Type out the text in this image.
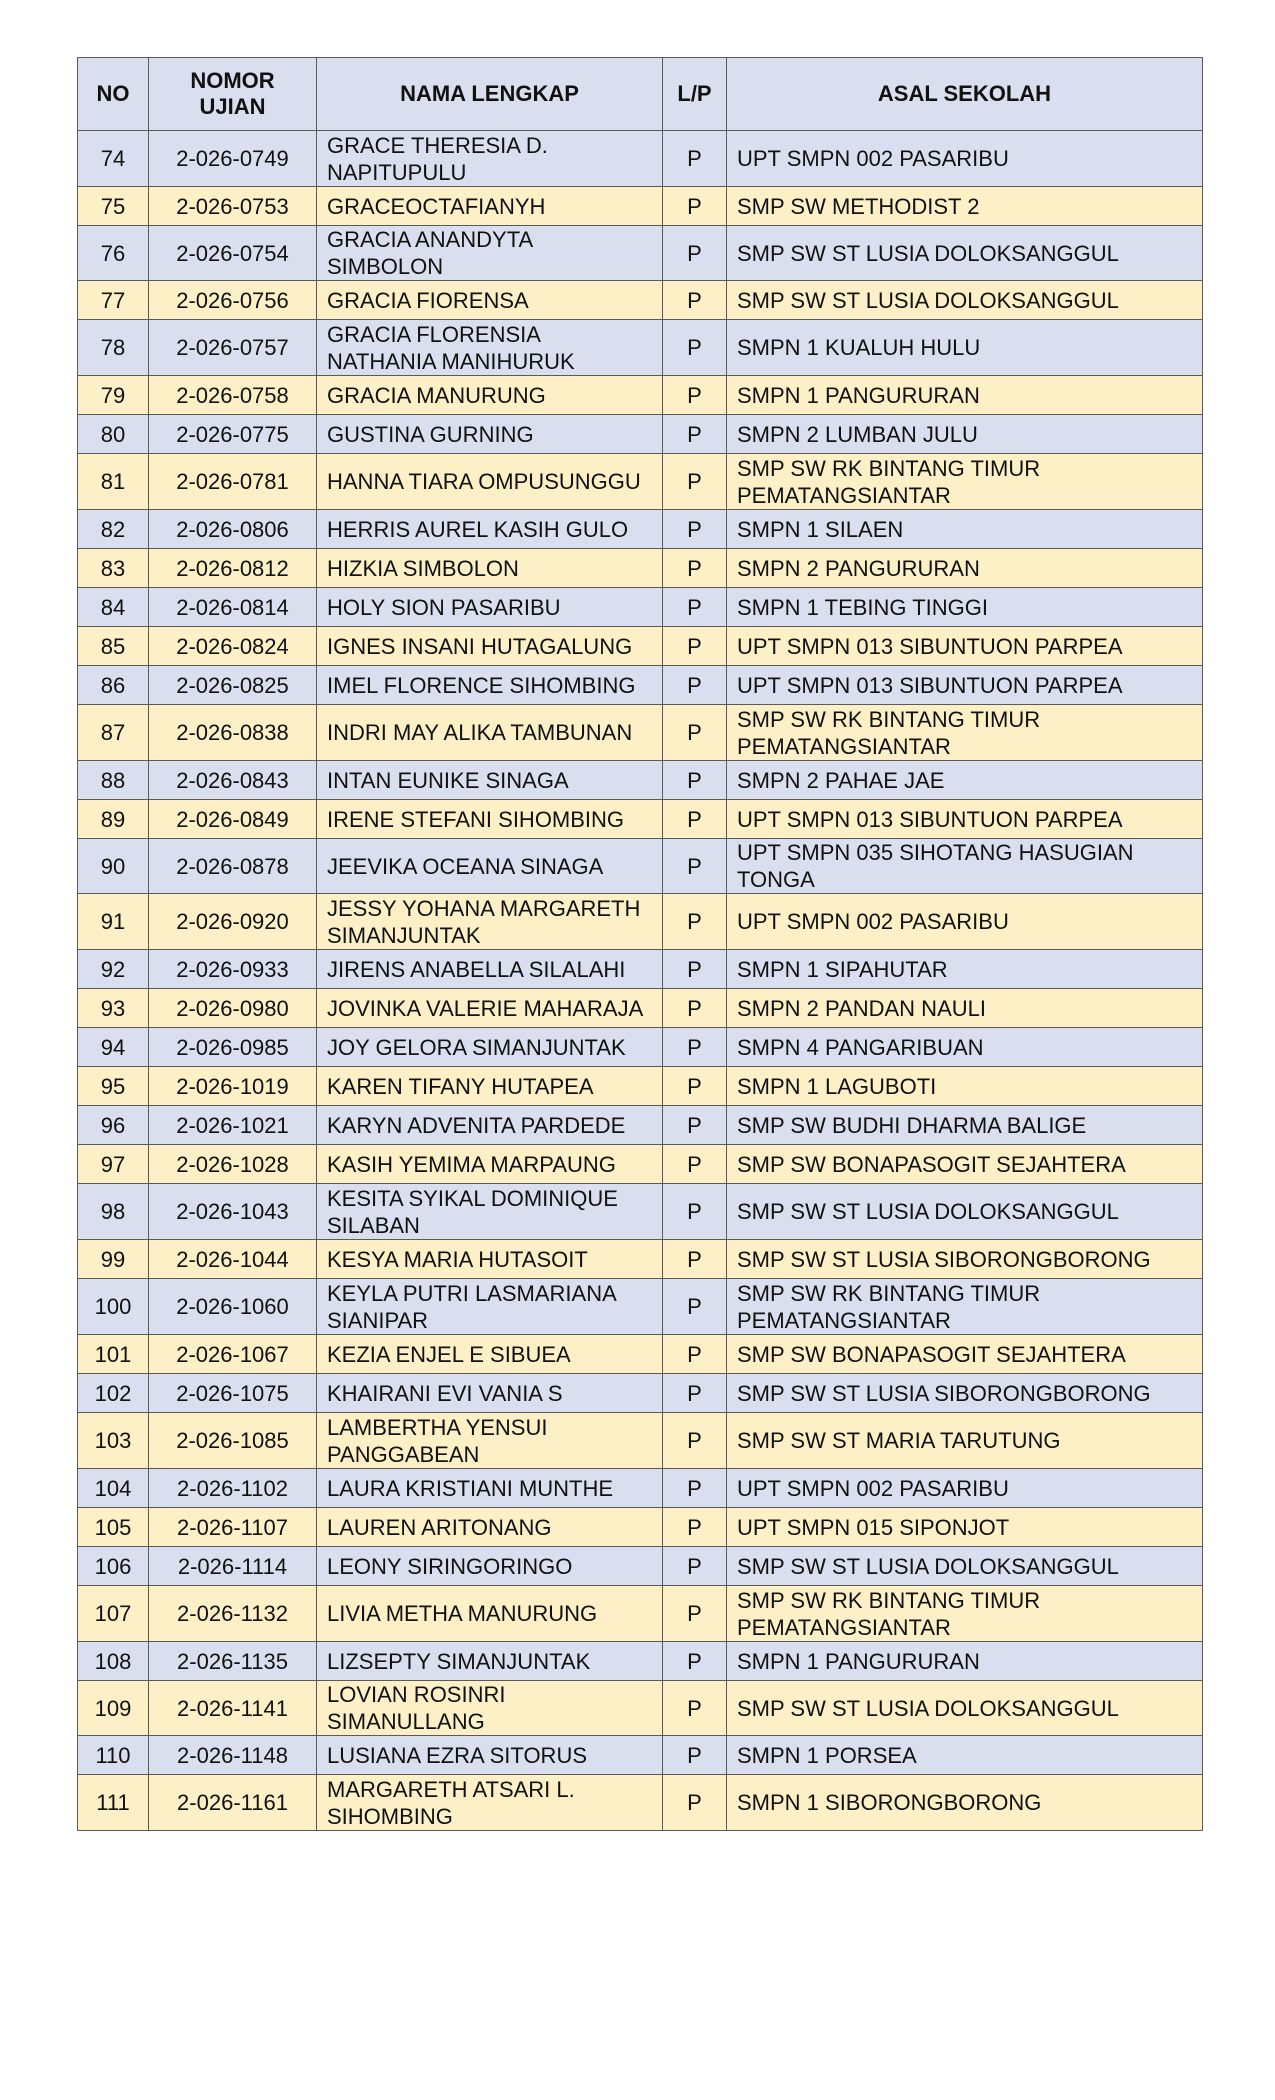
NO	NOMOR UJIAN	NAMA LENGKAP	L/P	ASAL SEKOLAH
74	2-026-0749	GRACE THERESIA D. NAPITUPULU	P	UPT SMPN 002 PASARIBU
75	2-026-0753	GRACEOCTAFIANYH	P	SMP SW METHODIST 2
76	2-026-0754	GRACIA ANANDYTA SIMBOLON	P	SMP SW ST LUSIA DOLOKSANGGUL
77	2-026-0756	GRACIA FIORENSA	P	SMP SW ST LUSIA DOLOKSANGGUL
78	2-026-0757	GRACIA FLORENSIA NATHANIA MANIHURUK	P	SMPN 1 KUALUH HULU
79	2-026-0758	GRACIA MANURUNG	P	SMPN 1 PANGURURAN
80	2-026-0775	GUSTINA GURNING	P	SMPN 2 LUMBAN JULU
81	2-026-0781	HANNA TIARA OMPUSUNGGU	P	SMP SW RK BINTANG TIMUR PEMATANGSIANTAR
82	2-026-0806	HERRIS AUREL KASIH GULO	P	SMPN 1 SILAEN
83	2-026-0812	HIZKIA SIMBOLON	P	SMPN 2 PANGURURAN
84	2-026-0814	HOLY SION PASARIBU	P	SMPN 1 TEBING TINGGI
85	2-026-0824	IGNES INSANI HUTAGALUNG	P	UPT SMPN 013 SIBUNTUON PARPEA
86	2-026-0825	IMEL FLORENCE SIHOMBING	P	UPT SMPN 013 SIBUNTUON PARPEA
87	2-026-0838	INDRI MAY ALIKA TAMBUNAN	P	SMP SW RK BINTANG TIMUR PEMATANGSIANTAR
88	2-026-0843	INTAN EUNIKE SINAGA	P	SMPN 2 PAHAE JAE
89	2-026-0849	IRENE STEFANI SIHOMBING	P	UPT SMPN 013 SIBUNTUON PARPEA
90	2-026-0878	JEEVIKA OCEANA SINAGA	P	UPT SMPN 035 SIHOTANG HASUGIAN TONGA
91	2-026-0920	JESSY YOHANA MARGARETH SIMANJUNTAK	P	UPT SMPN 002 PASARIBU
92	2-026-0933	JIRENS ANABELLA SILALAHI	P	SMPN 1 SIPAHUTAR
93	2-026-0980	JOVINKA VALERIE MAHARAJA	P	SMPN 2 PANDAN NAULI
94	2-026-0985	JOY GELORA SIMANJUNTAK	P	SMPN 4 PANGARIBUAN
95	2-026-1019	KAREN TIFANY HUTAPEA	P	SMPN 1 LAGUBOTI
96	2-026-1021	KARYN ADVENITA PARDEDE	P	SMP SW BUDHI DHARMA BALIGE
97	2-026-1028	KASIH YEMIMA MARPAUNG	P	SMP SW BONAPASOGIT SEJAHTERA
98	2-026-1043	KESITA SYIKAL DOMINIQUE SILABAN	P	SMP SW ST LUSIA DOLOKSANGGUL
99	2-026-1044	KESYA MARIA HUTASOIT	P	SMP SW ST LUSIA SIBORONGBORONG
100	2-026-1060	KEYLA PUTRI LASMARIANA SIANIPAR	P	SMP SW RK BINTANG TIMUR PEMATANGSIANTAR
101	2-026-1067	KEZIA ENJEL E SIBUEA	P	SMP SW BONAPASOGIT SEJAHTERA
102	2-026-1075	KHAIRANI EVI VANIA S	P	SMP SW ST LUSIA SIBORONGBORONG
103	2-026-1085	LAMBERTHA YENSUI PANGGABEAN	P	SMP SW ST MARIA TARUTUNG
104	2-026-1102	LAURA KRISTIANI MUNTHE	P	UPT SMPN 002 PASARIBU
105	2-026-1107	LAUREN ARITONANG	P	UPT SMPN 015 SIPONJOT
106	2-026-1114	LEONY SIRINGORINGO	P	SMP SW ST LUSIA DOLOKSANGGUL
107	2-026-1132	LIVIA METHA MANURUNG	P	SMP SW RK BINTANG TIMUR PEMATANGSIANTAR
108	2-026-1135	LIZSEPTY SIMANJUNTAK	P	SMPN 1 PANGURURAN
109	2-026-1141	LOVIAN ROSINRI SIMANULLANG	P	SMP SW ST LUSIA DOLOKSANGGUL
110	2-026-1148	LUSIANA EZRA SITORUS	P	SMPN 1 PORSEA
111	2-026-1161	MARGARETH ATSARI L. SIHOMBING	P	SMPN 1 SIBORONGBORONG
